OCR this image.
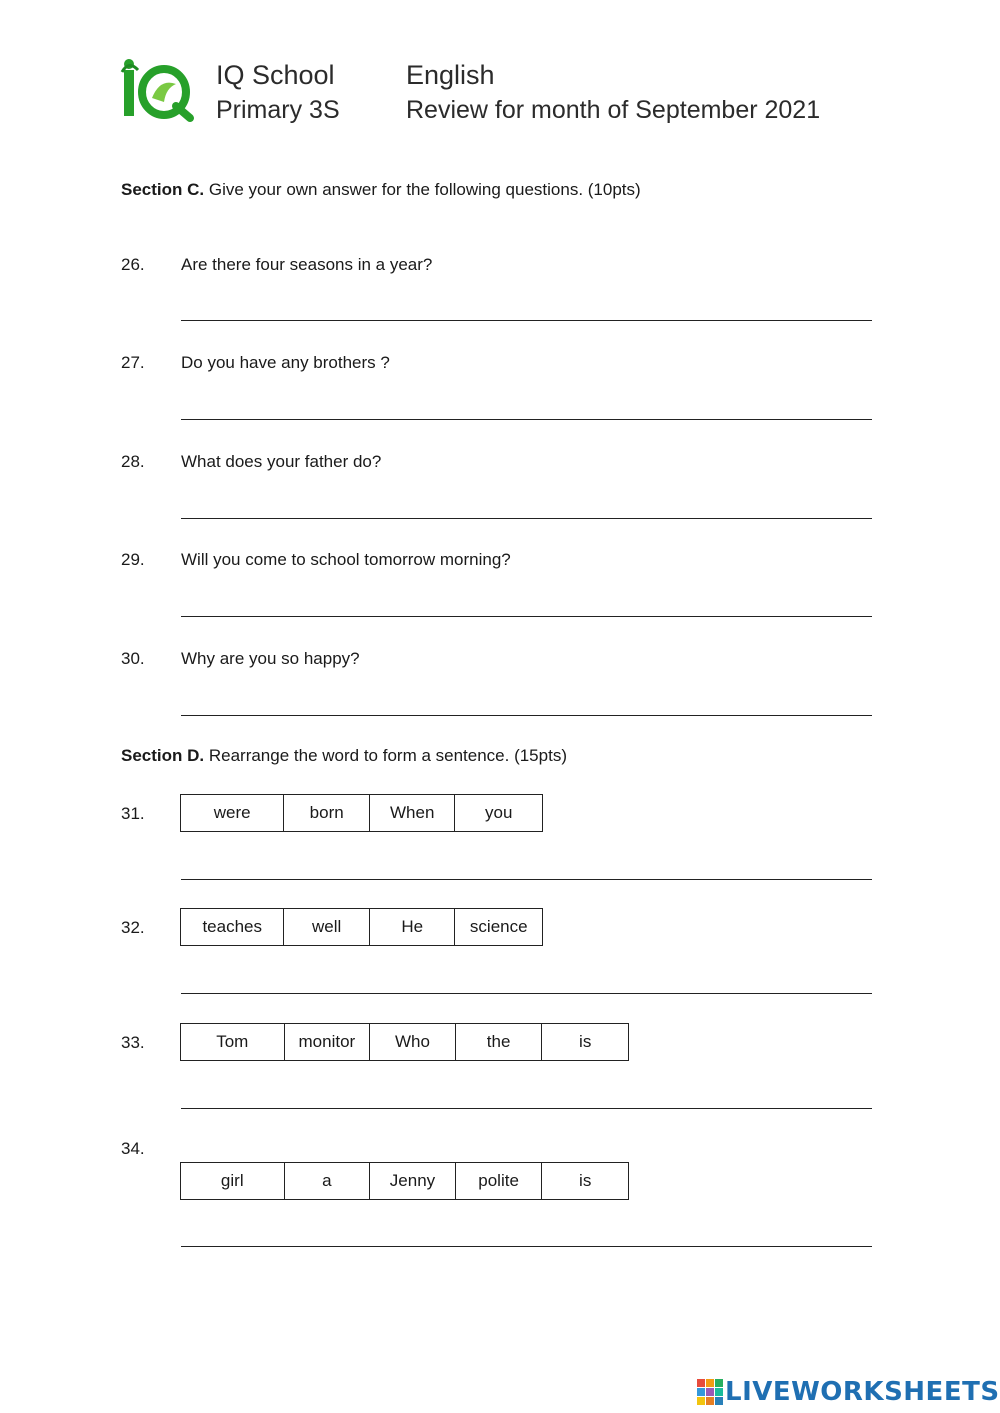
IQ School
Primary 3S
English
Review for month of September 2021
Section C. Give your own answer for the following questions. (10pts)
26. Are there four seasons in a year?
27. Do you have any brothers ?
28. What does your father do?
29. Will you come to school tomorrow morning?
30. Why are you so happy?
Section D. Rearrange the word to form a sentence. (15pts)
31.	were	born	When	you
32.	teaches	well	He	science
33.	Tom	monitor	Who	the	is
34.
girl	a	Jenny	polite	is
LIVEWORKSHEETS
